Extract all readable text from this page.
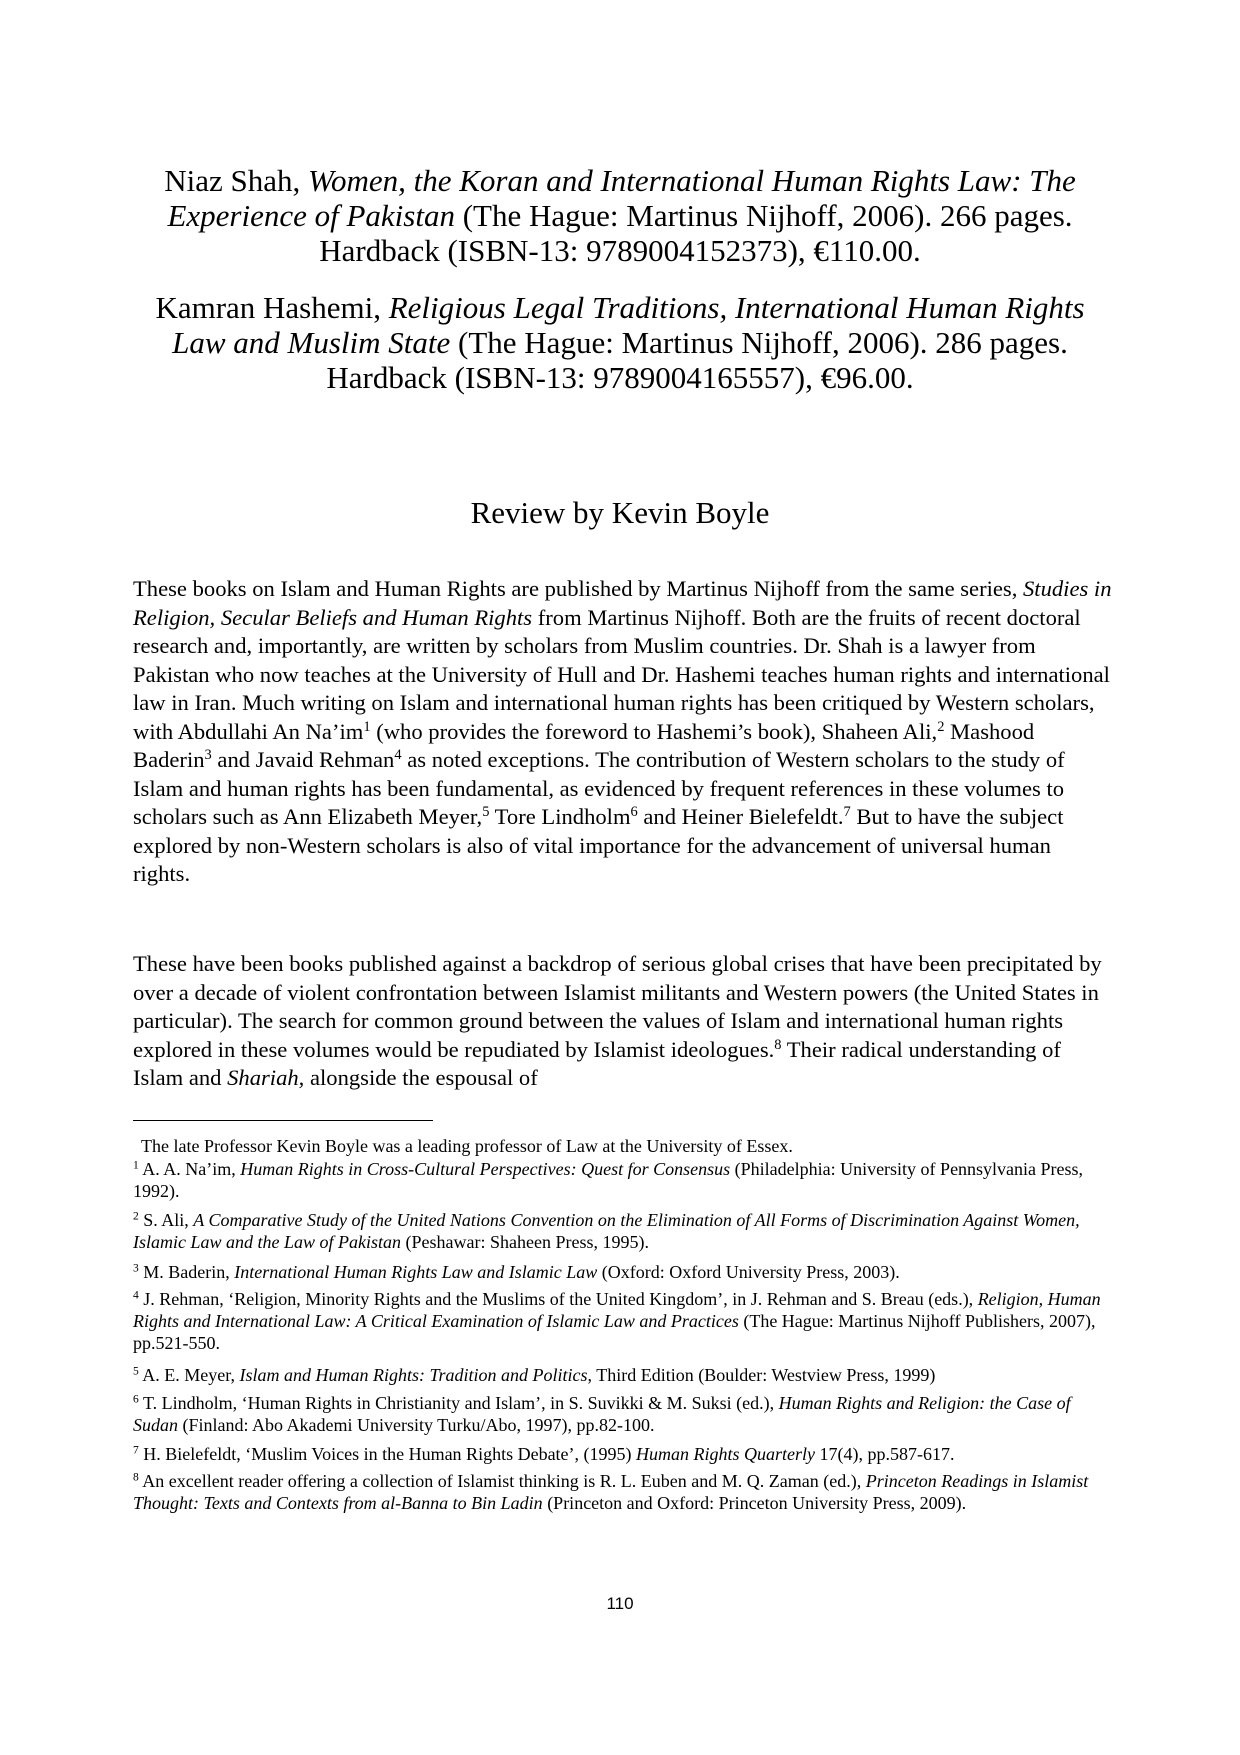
Niaz Shah, Women, the Koran and International Human Rights Law: The Experience of Pakistan (The Hague: Martinus Nijhoff, 2006). 266 pages. Hardback (ISBN-13: 9789004152373), €110.00.
Kamran Hashemi, Religious Legal Traditions, International Human Rights Law and Muslim State (The Hague: Martinus Nijhoff, 2006). 286 pages. Hardback (ISBN-13: 9789004165557), €96.00.
Review by Kevin Boyle
These books on Islam and Human Rights are published by Martinus Nijhoff from the same series, Studies in Religion, Secular Beliefs and Human Rights from Martinus Nijhoff. Both are the fruits of recent doctoral research and, importantly, are written by scholars from Muslim countries. Dr. Shah is a lawyer from Pakistan who now teaches at the University of Hull and Dr. Hashemi teaches human rights and international law in Iran. Much writing on Islam and international human rights has been critiqued by Western scholars, with Abdullahi An $Na’im^1$ (who provides the foreword to Hashemi’s book), Shaheen Ali,$^2$ Mashood Baderin$^3$ and Javaid Rehman$^4$ as noted exceptions. The contribution of Western scholars to the study of Islam and human rights has been fundamental, as evidenced by frequent references in these volumes to scholars such as Ann Elizabeth Meyer,$^5$ Tore Lindholm$^6$ and Heiner Bielefeldt.$^7$ But to have the subject explored by non-Western scholars is also of vital importance for the advancement of universal human rights.
These have been books published against a backdrop of serious global crises that have been precipitated by over a decade of violent confrontation between Islamist militants and Western powers (the United States in particular). The search for common ground between the values of Islam and international human rights explored in these volumes would be repudiated by Islamist ideologues.$^8$ Their radical understanding of Islam and Shariah, alongside the espousal of
The late Professor Kevin Boyle was a leading professor of Law at the University of Essex.
$^1$ A. A. Na’im, Human Rights in Cross-Cultural Perspectives: Quest for Consensus (Philadelphia: University of Pennsylvania Press, 1992).
$^2$ S. Ali, A Comparative Study of the United Nations Convention on the Elimination of All Forms of Discrimination Against Women, Islamic Law and the Law of Pakistan (Peshawar: Shaheen Press, 1995).
$^3$ M. Baderin, International Human Rights Law and Islamic Law (Oxford: Oxford University Press, 2003).
$^4$ J. Rehman, ‘Religion, Minority Rights and the Muslims of the United Kingdom’, in J. Rehman and S. Breau (eds.), Religion, Human Rights and International Law: A Critical Examination of Islamic Law and Practices (The Hague: Martinus Nijhoff Publishers, 2007), pp.521-550.
$^5$ A. E. Meyer, Islam and Human Rights: Tradition and Politics, Third Edition (Boulder: Westview Press, 1999)
$^6$ T. Lindholm, ‘Human Rights in Christianity and Islam’, in S. Suvikki & M. Suksi (ed.), Human Rights and Religion: the Case of Sudan (Finland: Abo Akademi University Turku/Abo, 1997), pp.82-100.
$^7$ H. Bielefeldt, ‘Muslim Voices in the Human Rights Debate’, (1995) Human Rights Quarterly 17(4), pp.587-617.
$^8$ An excellent reader offering a collection of Islamist thinking is R. L. Euben and M. Q. Zaman (ed.), Princeton Readings in Islamist Thought: Texts and Contexts from al-Banna to Bin Ladin (Princeton and Oxford: Princeton University Press, 2009).
110
